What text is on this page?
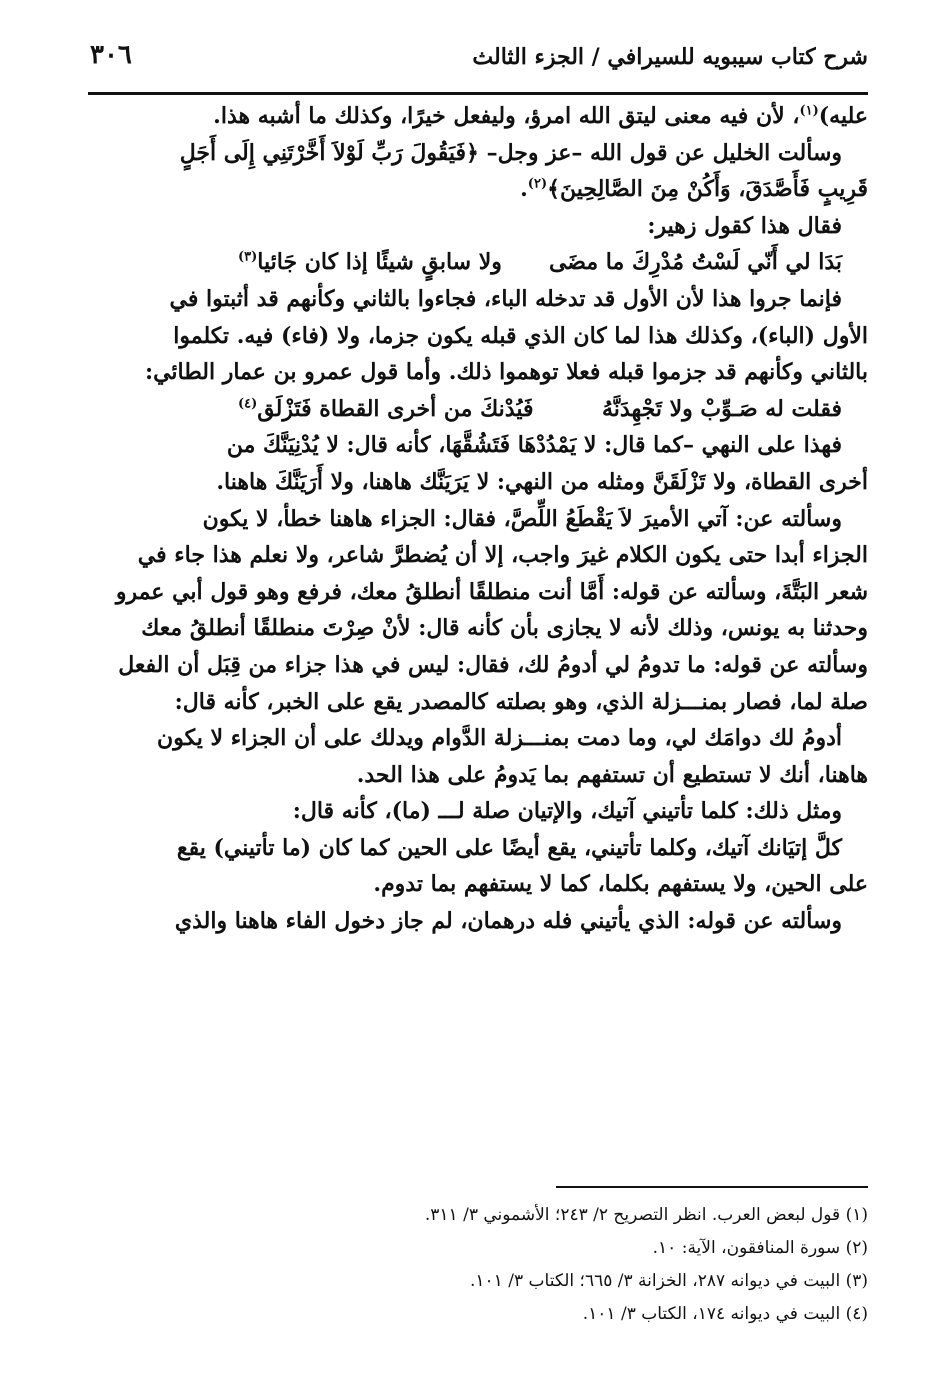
شرح كتاب سيبويه للسيرافي / الجزء الثالث
٣٠٦

عليه)$^{(١)}$، لأن فيه معنى ليتق الله امرؤ، وليفعل خيرًا، وكذلك ما أشبه هذا.

وسألت الخليل عن قول الله –عز وجل– ﴿فَيَقُولَ رَبِّ لَوْلاَ أَخَّرْتَنِي إِلَى أَجَلٍ

قَرِيبٍ فَأَصَّدَقَ، وَأَكُنْ مِنَ الصَّالِحِينَ﴾$^{(٢)}$.

فقال هذا كقول زهير:

بَدَا لي أَنّي لَسْتُ مُدْرِكَ ما مضَى
ولا سابقٍ شيئًا إذا كان جَائيا$^{(٣)}$

فإنما جروا هذا لأن الأول قد تدخله الباء، فجاءوا بالثاني وكأنهم قد أثبتوا في

الأول (الباء)، وكذلك هذا لما كان الذي قبله يكون جزما، ولا (فاء) فيه. تكلموا

بالثاني وكأنهم قد جزموا قبله فعلا توهموا ذلك. وأما قول عمرو بن عمار الطائي:

فقلت له صَـوِّبْ ولا تَجْهِدَنَّهُ
فَيُدْنكَ من أخرى القطاة فَتَزْلَق$^{(٤)}$

فهذا على النهي –كما قال: لا يَمْدُدْهَا فَتَشُقَّهَا، كأنه قال: لا يُدْنِيَنَّكَ من

أخرى القطاة، ولا تَزْلَقَنَّ ومثله من النهي: لا يَرَيَنَّك هاهنا، ولا أَرَيَنَّكَ هاهنا.

وسألته عن: آتي الأميرَ لاَ يَقْطَعُ اللِّصَّ، فقال: الجزاء هاهنا خطأ، لا يكون

الجزاء أبدا حتى يكون الكلام غيرَ واجب، إلا أن يُضطرَّ شاعر، ولا نعلم هذا جاء في

شعر البَتَّةَ، وسألته عن قوله: أَمَّا أنت منطلقًا أنطلقُ معك، فرفع وهو قول أبي عمرو

وحدثنا به يونس، وذلك لأنه لا يجازى بأن كأنه قال: لأنْ صِرْتَ منطلقًا أنطلقُ معك

وسألته عن قوله: ما تدومُ لي أدومُ لك، فقال: ليس في هذا جزاء من قِبَل أن الفعل

صلة لما، فصار بمنـــزلة الذي، وهو بصلته كالمصدر يقع على الخبر، كأنه قال:

أدومُ لك دوامَك لي، وما دمت بمنـــزلة الدَّوام ويدلك على أن الجزاء لا يكون

هاهنا، أنك لا تستطيع أن تستفهم بما يَدومُ على هذا الحد.

ومثل ذلك: كلما تأتيني آتيك، والإتيان صلة لـــ (ما)، كأنه قال:

كلَّ إتيَانك آتيك، وكلما تأتيني، يقع أيضًا على الحين كما كان (ما تأتيني) يقع

على الحين، ولا يستفهم بكلما، كما لا يستفهم بما تدوم.

وسألته عن قوله: الذي يأتيني فله درهمان، لم جاز دخول الفاء هاهنا والذي

(١) قول لبعض العرب. انظر التصريح ٢/ ٢٤٣؛ الأشموني ٣/ ٣١١.

(٢) سورة المنافقون، الآية: ١٠.

(٣) البيت في ديوانه ٢٨٧، الخزانة ٣/ ٦٦٥؛ الكتاب ٣/ ١٠١.

(٤) البيت في ديوانه ١٧٤، الكتاب ٣/ ١٠١.
